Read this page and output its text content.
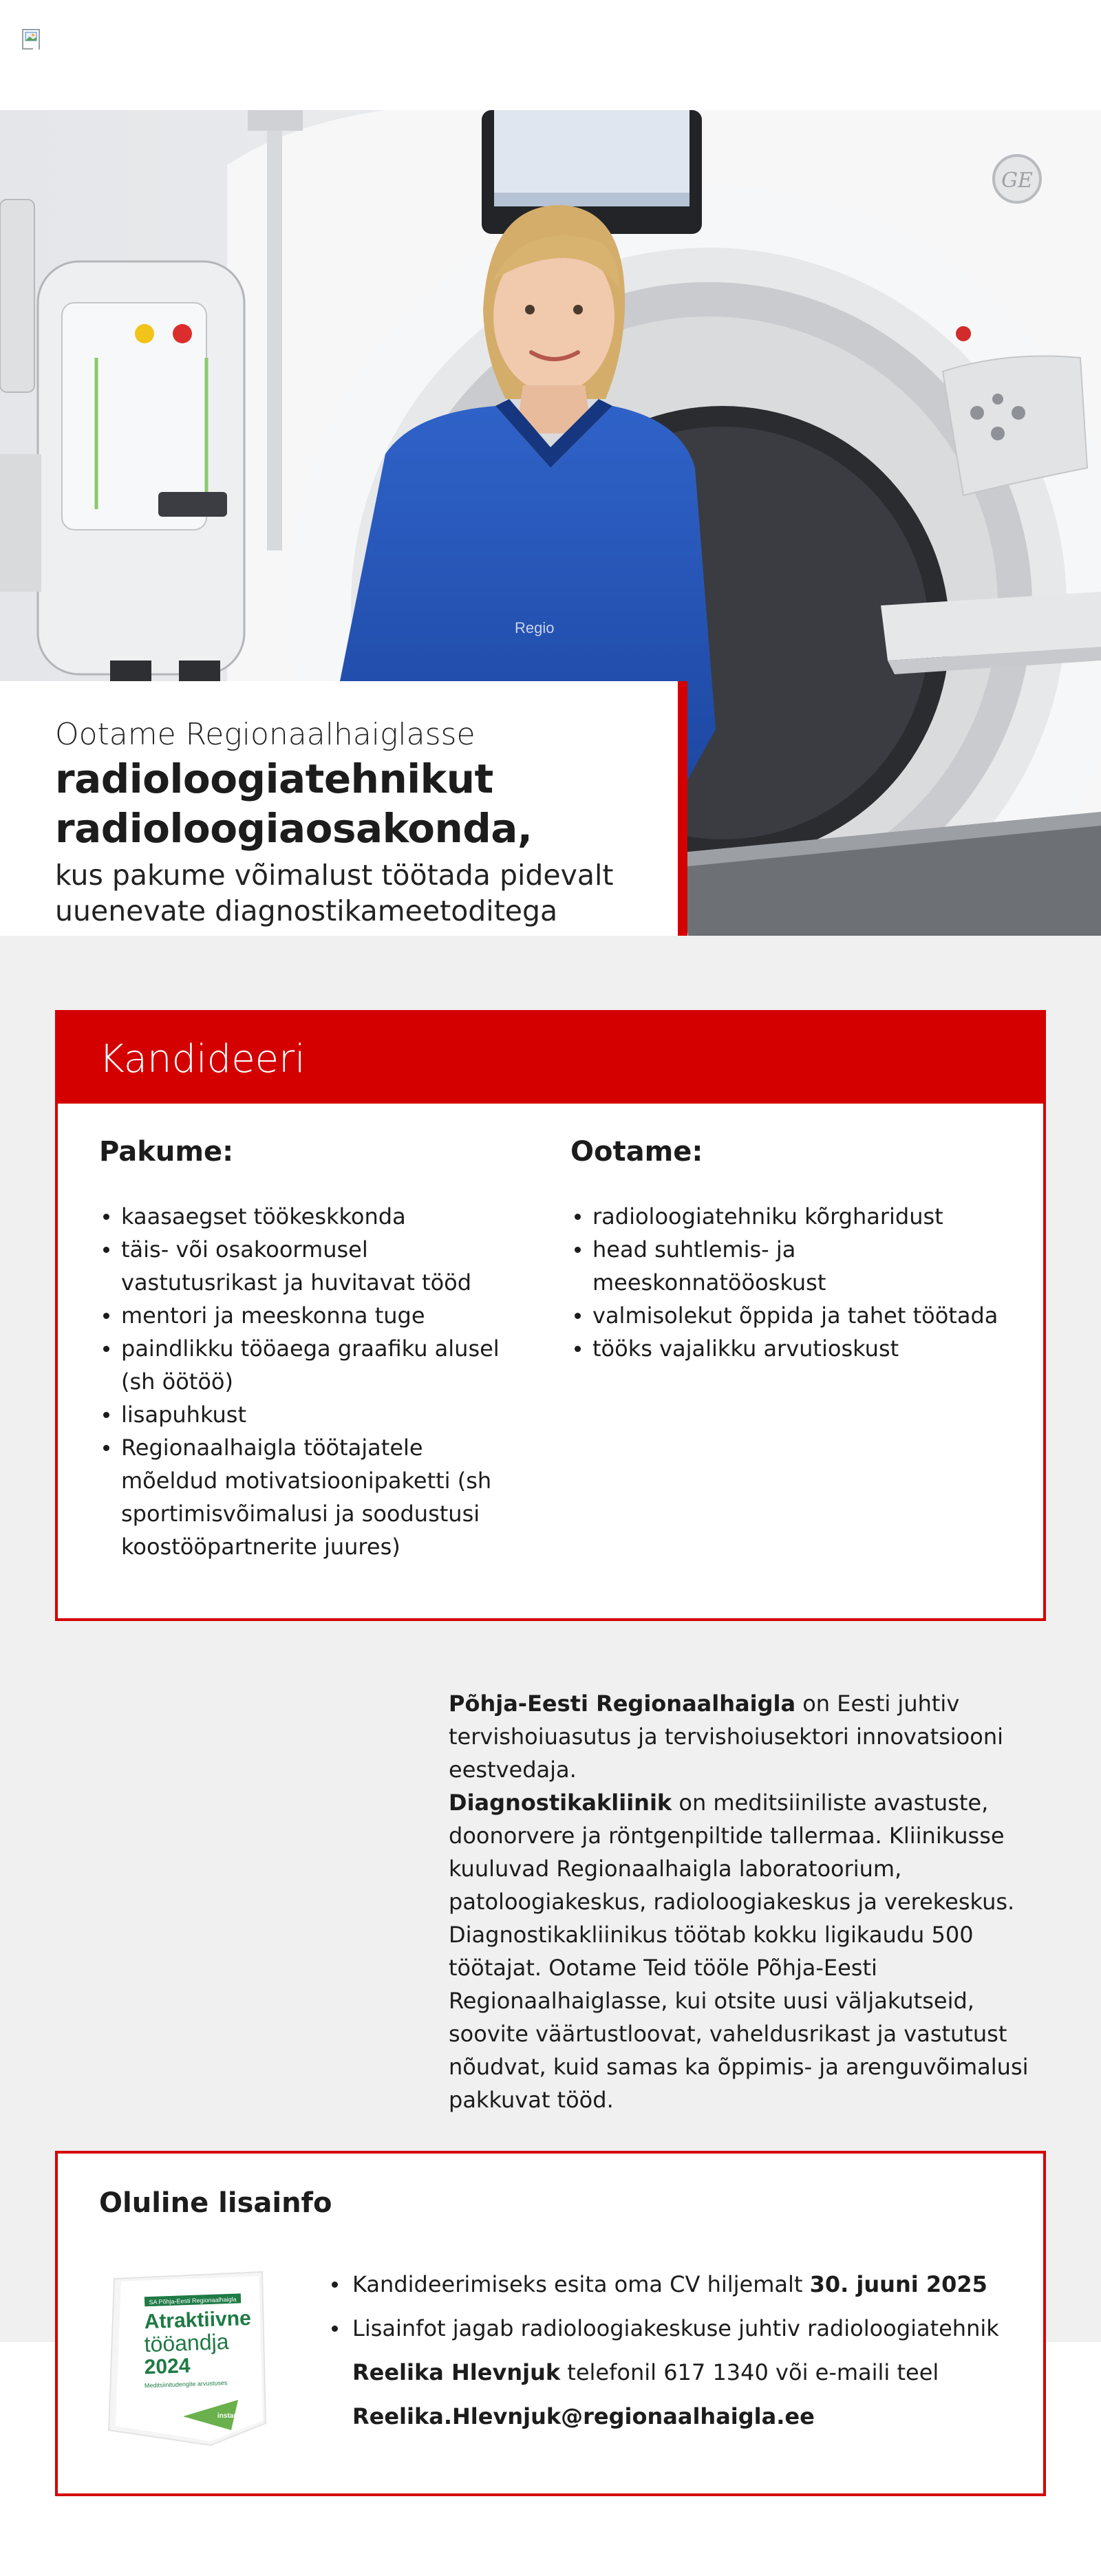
GE
Regio
Ootame Regionaalhaiglasse
radioloogiatehnikut
radioloogiaosakonda,
kus pakume võimalust töötada pidevalt
uuenevate diagnostikameetoditega
Kandideeri
Pakume:
kaasaegset töökeskkonda
täis- või osakoormusel vastutusrikast ja huvitavat tööd
mentori ja meeskonna tuge
paindlikku tööaega graafiku alusel (sh öötöö)
lisapuhkust
Regionaalhaigla töötajatele mõeldud motivatsioonipaketti (sh sportimisvõimalusi ja soodustusi koostööpartnerite juures)
Ootame:
radioloogiatehniku kõrgharidust
head suhtlemis- ja meeskonnatööoskust
valmisolekut õppida ja tahet töötada
tööks vajalikku arvutioskust

Põhja-Eesti Regionaalhaigla on Eesti juhtiv tervishoiuasutus ja tervishoiusektori innovatsiooni eestvedaja.

Diagnostikakliinik on meditsiiniliste avastuste, doonorvere ja röntgenpiltide tallermaa. Kliinikusse kuuluvad Regionaalhaigla laboratoorium, patoloogiakeskus, radioloogiakeskus ja verekeskus. Diagnostikakliinikus töötab kokku ligikaudu 500 töötajat. Ootame Teid tööle Põhja-Eesti Regionaalhaiglasse, kui otsite uusi väljakutseid, soovite väärtustloovat, vaheldusrikast ja vastutust nõudvat, kuid samas ka õppimis- ja arenguvõimalusi pakkuvat tööd.

Oluline lisainfo
SA Põhja-Eesti Regionaalhaigla
Atraktiivne
tööandja
2024
Meditsiinitudengite arvustuses
instar
Kandideerimiseks esita oma CV hiljemalt 30. juuni 2025
Lisainfot jagab radioloogiakeskuse juhtiv radioloogiatehnik
Reelika Hlevnjuk telefonil 617 1340 või e-maili teel
Reelika.Hlevnjuk@regionaalhaigla.ee
